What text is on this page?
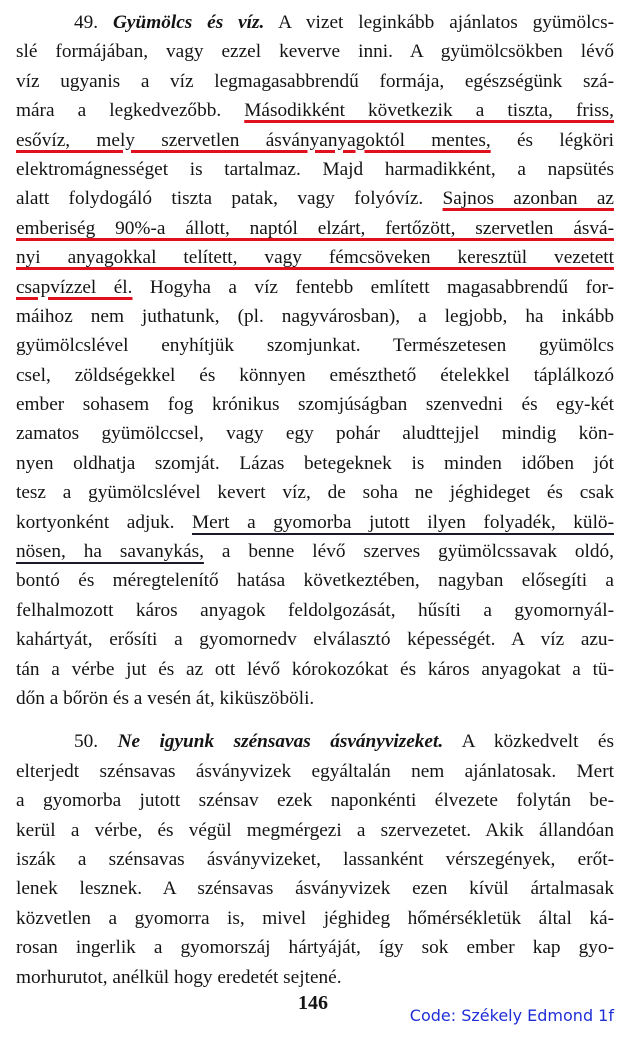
49. Gyümölcs és víz. A vizet leginkább ajánlatos gyümölcs-
slé formájában, vagy ezzel keverve inni. A gyümölcsökben lévő
víz ugyanis a víz legmagasabbrendű formája, egészségünk szá-
mára a legkedvezőbb. Másodikként következik a tiszta, friss,
esővíz, mely szervetlen ásványanyagoktól mentes, és légköri
elektromágnességet is tartalmaz. Majd harmadikként, a napsütés
alatt folydogáló tiszta patak, vagy folyóvíz. Sajnos azonban az
emberiség 90%-a állott, naptól elzárt, fertőzött, szervetlen ásvá-
nyi anyagokkal telített, vagy fémcsöveken keresztül vezetett
csapvízzel él. Hogyha a víz fentebb említett magasabbrendű for-
máihoz nem juthatunk, (pl. nagyvárosban), a legjobb, ha inkább
gyümölcslével enyhítjük szomjunkat. Természetesen gyümölcs
csel, zöldségekkel és könnyen emészthető ételekkel táplálkozó
ember sohasem fog krónikus szomjúságban szenvedni és egy-két
zamatos gyümölccsel, vagy egy pohár aludttejjel mindig kön-
nyen oldhatja szomját. Lázas betegeknek is minden időben jót
tesz a gyümölcslével kevert víz, de soha ne jéghideget és csak
kortyonként adjuk. Mert a gyomorba jutott ilyen folyadék, külö-
nösen, ha savanykás, a benne lévő szerves gyümölcssavak oldó,
bontó és méregtelenítő hatása következtében, nagyban elősegíti a
felhalmozott káros anyagok feldolgozását, hűsíti a gyomornyál-
kahártyát, erősíti a gyomornedv elválasztó képességét. A víz azu-
tán a vérbe jut és az ott lévő kórokozókat és káros anyagokat a tü-
dőn a bőrön és a vesén át, kiküszöböli.
50. Ne igyunk szénsavas ásványvizeket. A közkedvelt és
elterjedt szénsavas ásványvizek egyáltalán nem ajánlatosak. Mert
a gyomorba jutott szénsav ezek naponkénti élvezete folytán be-
kerül a vérbe, és végül megmérgezi a szervezetet. Akik állandóan
iszák a szénsavas ásványvizeket, lassanként vérszegények, erőt-
lenek lesznek. A szénsavas ásványvizek ezen kívül ártalmasak
közvetlen a gyomorra is, mivel jéghideg hőmérsékletük által ká-
rosan ingerlik a gyomorszáj hártyáját, így sok ember kap gyo-
morhurutot, anélkül hogy eredetét sejtené.
146
Code: Székely Edmond 1f
